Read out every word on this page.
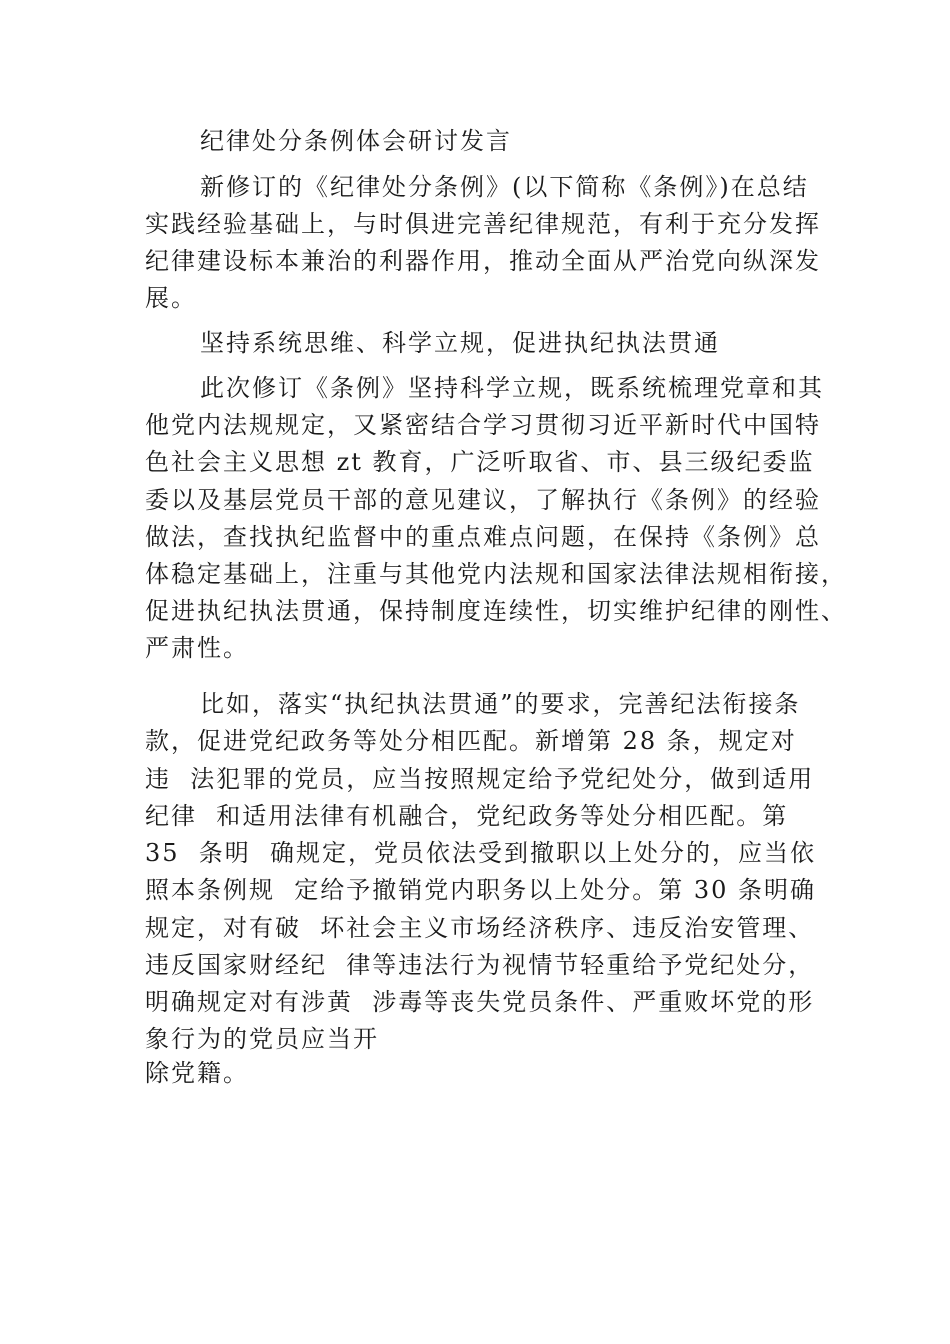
纪律处分条例体会研讨发言
新修订的《纪律处分条例》(以下简称《条例》)在总结
实践经验基础上，与时俱进完善纪律规范，有利于充分发挥
纪律建设标本兼治的利器作用，推动全面从严治党向纵深发
展。
坚持系统思维、科学立规，促进执纪执法贯通
此次修订《条例》坚持科学立规，既系统梳理党章和其
他党内法规规定，又紧密结合学习贯彻习近平新时代中国特
色社会主义思想 zt 教育，广泛听取省、市、县三级纪委监
委以及基层党员干部的意见建议，了解执行《条例》的经验
做法，查找执纪监督中的重点难点问题，在保持《条例》总
体稳定基础上，注重与其他党内法规和国家法律法规相衔接，
促进执纪执法贯通，保持制度连续性，切实维护纪律的刚性、
严肃性。
比如，落实“执纪执法贯通”的要求，完善纪法衔接条
款，促进党纪政务等处分相匹配。新增第 28 条，规定对
违  法犯罪的党员，应当按照规定给予党纪处分，做到适用
纪律  和适用法律有机融合，党纪政务等处分相匹配。第
35  条明  确规定，党员依法受到撤职以上处分的，应当依
照本条例规  定给予撤销党内职务以上处分。第 30 条明确
规定，对有破  坏社会主义市场经济秩序、违反治安管理、
违反国家财经纪  律等违法行为视情节轻重给予党纪处分，
明确规定对有涉黄  涉毒等丧失党员条件、严重败坏党的形
象行为的党员应当开
除党籍。
